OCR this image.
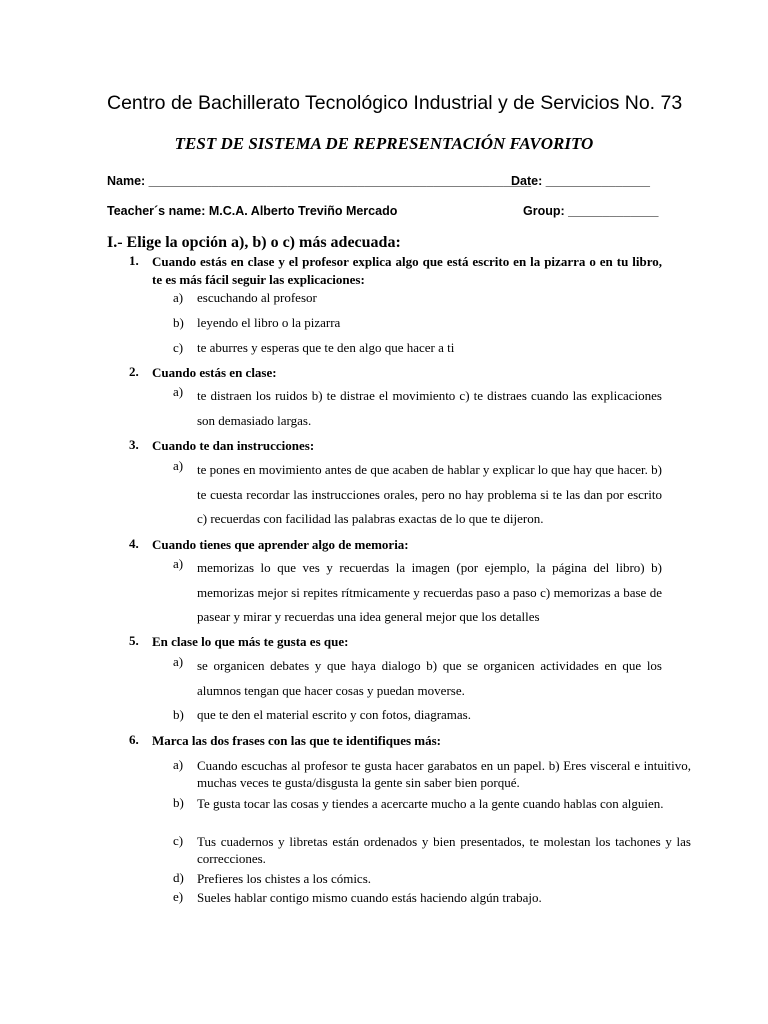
Centro de Bachillerato Tecnológico Industrial y de Servicios No. 73
TEST DE SISTEMA DE REPRESENTACIÓN FAVORITO
Name: _______________________________________________________
Date: _______________
Teacher´s name: M.C.A. Alberto Treviño Mercado	Group: _____________
I.- Elige la opción a), b) o c) más adecuada:
1. Cuando estás en clase y el profesor explica algo que está escrito en la pizarra o en tu libro, te es más fácil seguir las explicaciones:
a) escuchando al profesor
b) leyendo el libro o la pizarra
c) te aburres y esperas que te den algo que hacer a ti
2. Cuando estás en clase:
a) te distraen los ruidos b) te distrae el movimiento c) te distraes cuando las explicaciones son demasiado largas.
3. Cuando te dan instrucciones:
a) te pones en movimiento antes de que acaben de hablar y explicar lo que hay que hacer. b) te cuesta recordar las instrucciones orales, pero no hay problema si te las dan por escrito c) recuerdas con facilidad las palabras exactas de lo que te dijeron.
4. Cuando tienes que aprender algo de memoria:
a) memorizas lo que ves y recuerdas la imagen (por ejemplo, la página del libro) b) memorizas mejor si repites rítmicamente y recuerdas paso a paso c) memorizas a base de pasear y mirar y recuerdas una idea general mejor que los detalles
5. En clase lo que más te gusta es que:
a) se organicen debates y que haya dialogo b) que se organicen actividades en que los alumnos tengan que hacer cosas y puedan moverse.
b) que te den el material escrito y con fotos, diagramas.
6. Marca las dos frases con las que te identifiques más:
a) Cuando escuchas al profesor te gusta hacer garabatos en un papel. b) Eres visceral e intuitivo, muchas veces te gusta/disgusta la gente sin saber bien porqué.
b) Te gusta tocar las cosas y tiendes a acercarte mucho a la gente cuando hablas con alguien.
c) Tus cuadernos y libretas están ordenados y bien presentados, te molestan los tachones y las correcciones.
d) Prefieres los chistes a los cómics.
e) Sueles hablar contigo mismo cuando estás haciendo algún trabajo.
